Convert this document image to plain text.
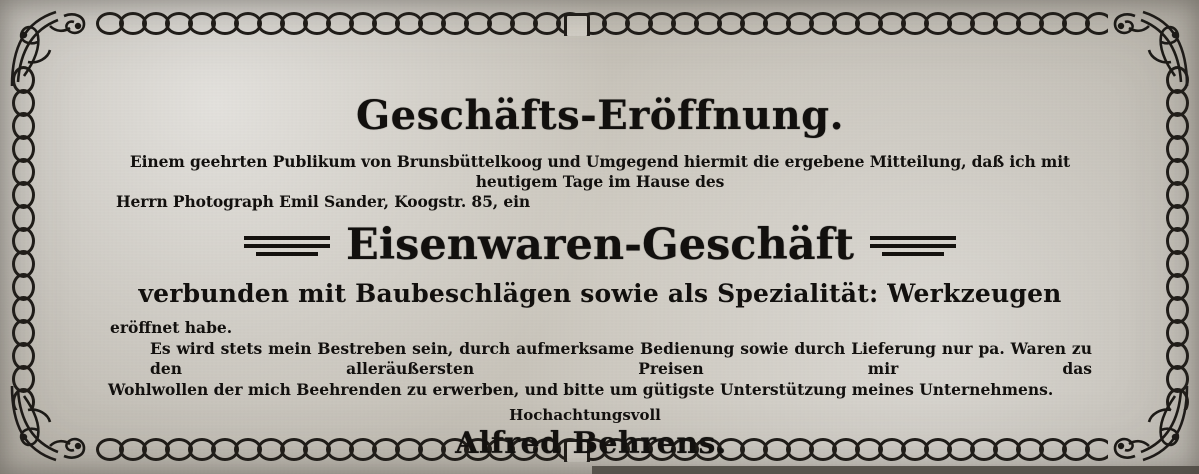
Geschäfts-Eröffnung.
Einem geehrten Publikum von Brunsbüttelkoog und Umgegend hiermit die ergebene Mitteilung, daß ich mit heutigem Tage im Hause des
Herrn Photograph Emil Sander, Koogstr. 85, ein
Eisenwaren-Geschäft
verbunden mit Baubeschlägen sowie als Spezialität: Werkzeugen
eröffnet habe.
Es wird stets mein Bestreben sein, durch aufmerksame Bedienung sowie durch Lieferung nur pa. Waren zu den alleräußersten Preisen mir das
Wohlwollen der mich Beehrenden zu erwerben, und bitte um gütigste Unterstützung meines Unternehmens.
Hochachtungsvoll
Alfred Behrens.
